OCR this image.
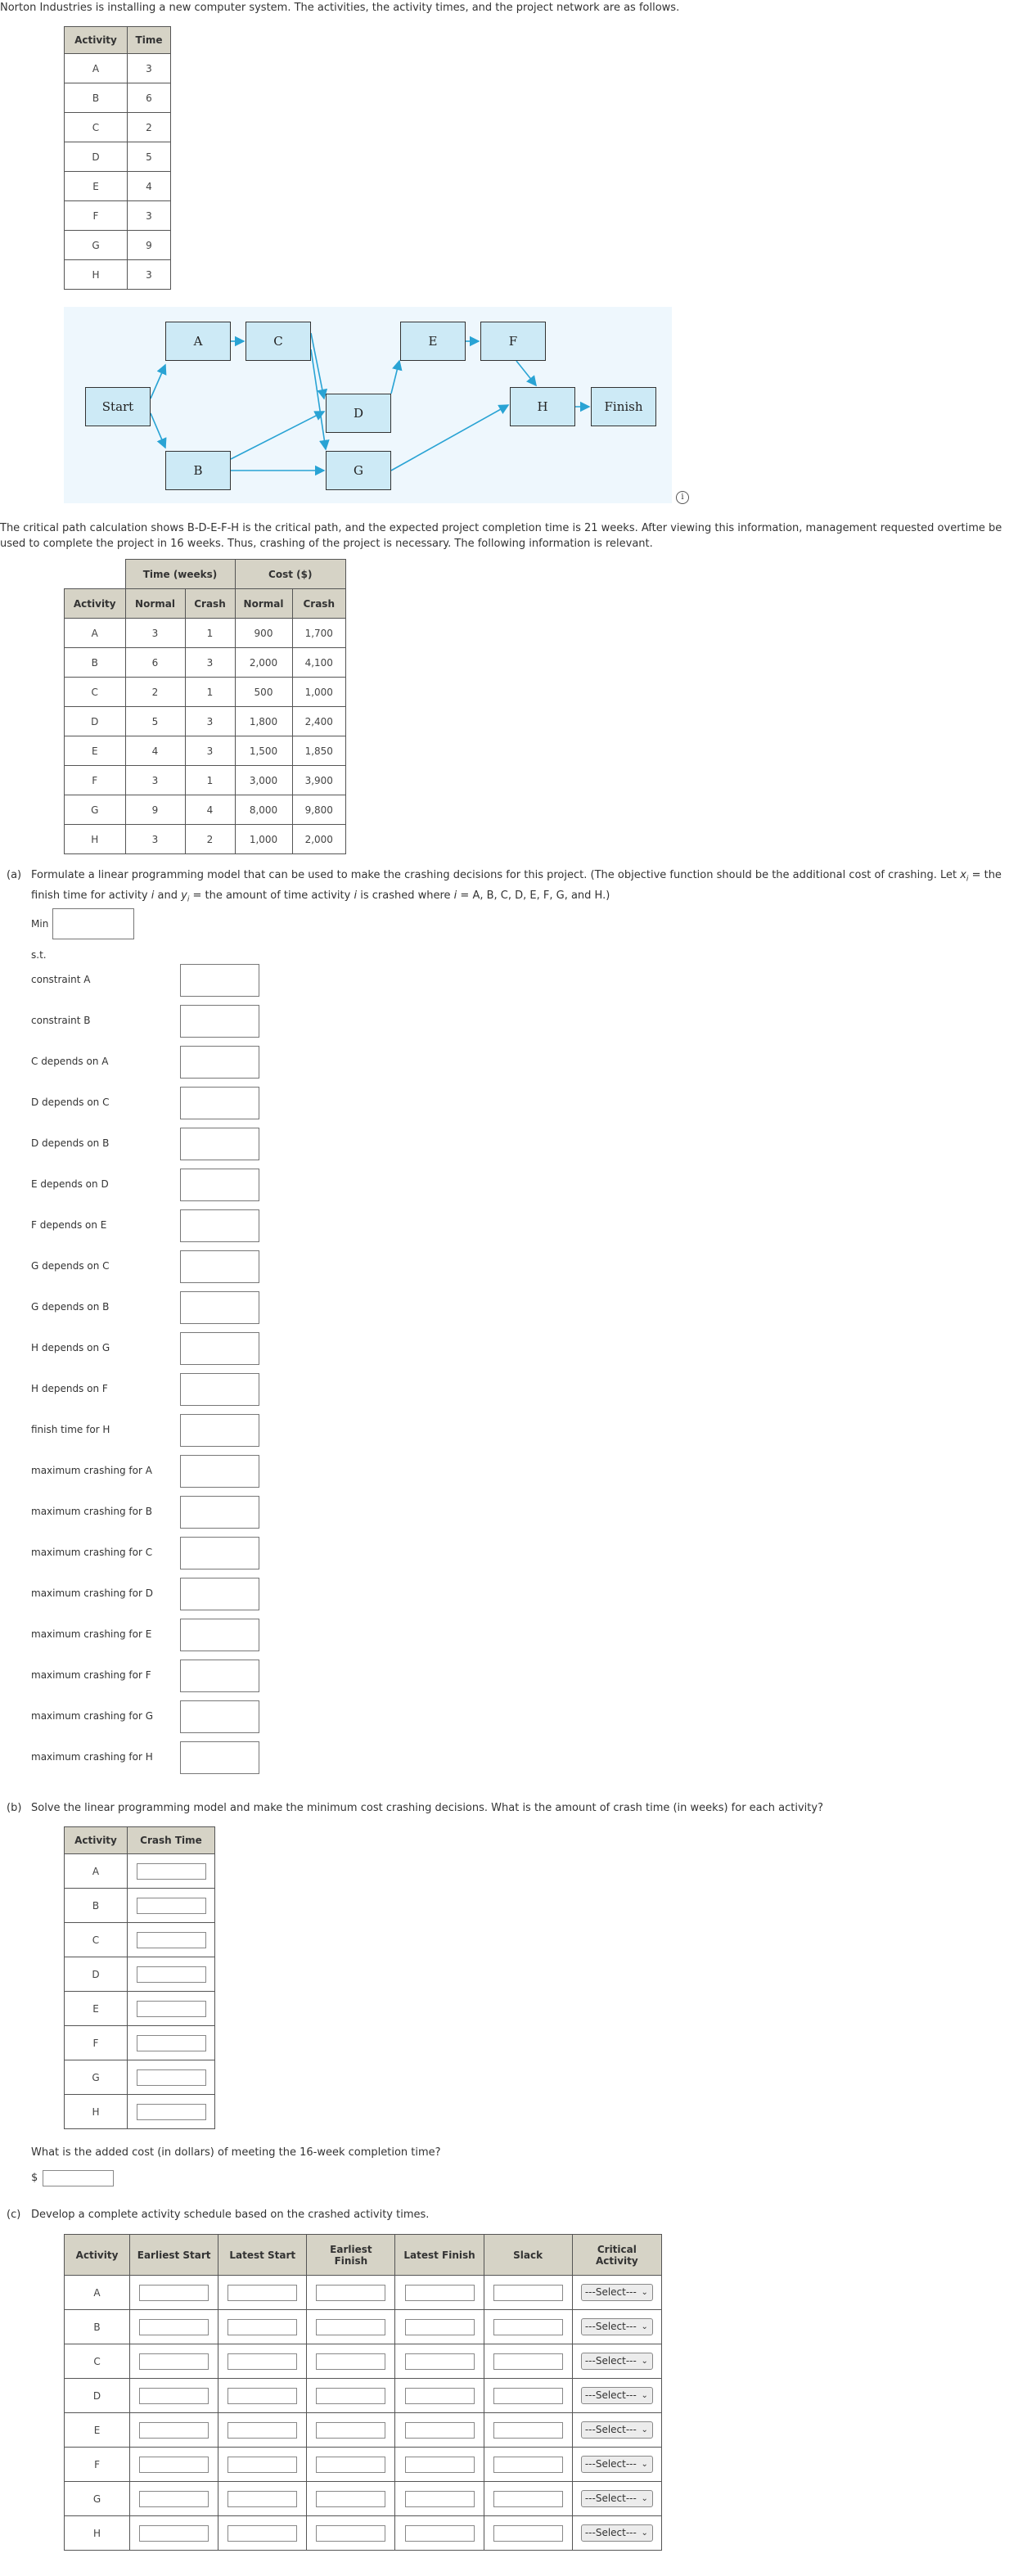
Norton Industries is installing a new computer system. The activities, the activity times, and the project network are as follows.
Activity	Time
A	3
B	6
C	2
D	5
E	4
F	3
G	9
H	3
Start
A	C
B
D
G
E	F
H	Finish
i
The critical path calculation shows B-D-E-F-H is the critical path, and the expected project completion time is 21 weeks. After viewing this information, management requested overtime be used to complete the project in 16 weeks. Thus, crashing of the project is necessary. The following information is relevant.
	Time (weeks)		Cost ($)	
Activity	Normal	Crash	Normal	Crash
A	3	1	900	1,700
B	6	3	2,000	4,100
C	2	1	500	1,000
D	5	3	1,800	2,400
E	4	3	1,500	1,850
F	3	1	3,000	3,900
G	9	4	8,000	9,800
H	3	2	1,000	2,000
(a) Formulate a linear programming model that can be used to make the crashing decisions for this project. (The objective function should be the additional cost of crashing. Let $x_i$ = the finish time for activity i and $y_i$ = the amount of time activity i is crashed where i = A, B, C, D, E, F, G, and H.)
Min
s.t.
constraint A
constraint B
C depends on A
D depends on C
D depends on B
E depends on D
F depends on E
G depends on C
G depends on B
H depends on G
H depends on F
finish time for H
maximum crashing for A
maximum crashing for B
maximum crashing for C
maximum crashing for D
maximum crashing for E
maximum crashing for F
maximum crashing for G
maximum crashing for H
(b) Solve the linear programming model and make the minimum cost crashing decisions. What is the amount of crash time (in weeks) for each activity?
Activity	Crash Time
A	
B	
C	
D	
E	
F	
G	
H	
What is the added cost (in dollars) of meeting the 16-week completion time?
$
(c) Develop a complete activity schedule based on the crashed activity times.
Activity	Earliest Start	Latest Start	Earliest Finish	Latest Finish	Slack	Critical Activity
A						---Select--- ⌄

B						---Select--- ⌄

C						---Select--- ⌄

D						---Select--- ⌄

E						---Select--- ⌄

F						---Select--- ⌄

G						---Select--- ⌄

H						---Select--- ⌄
